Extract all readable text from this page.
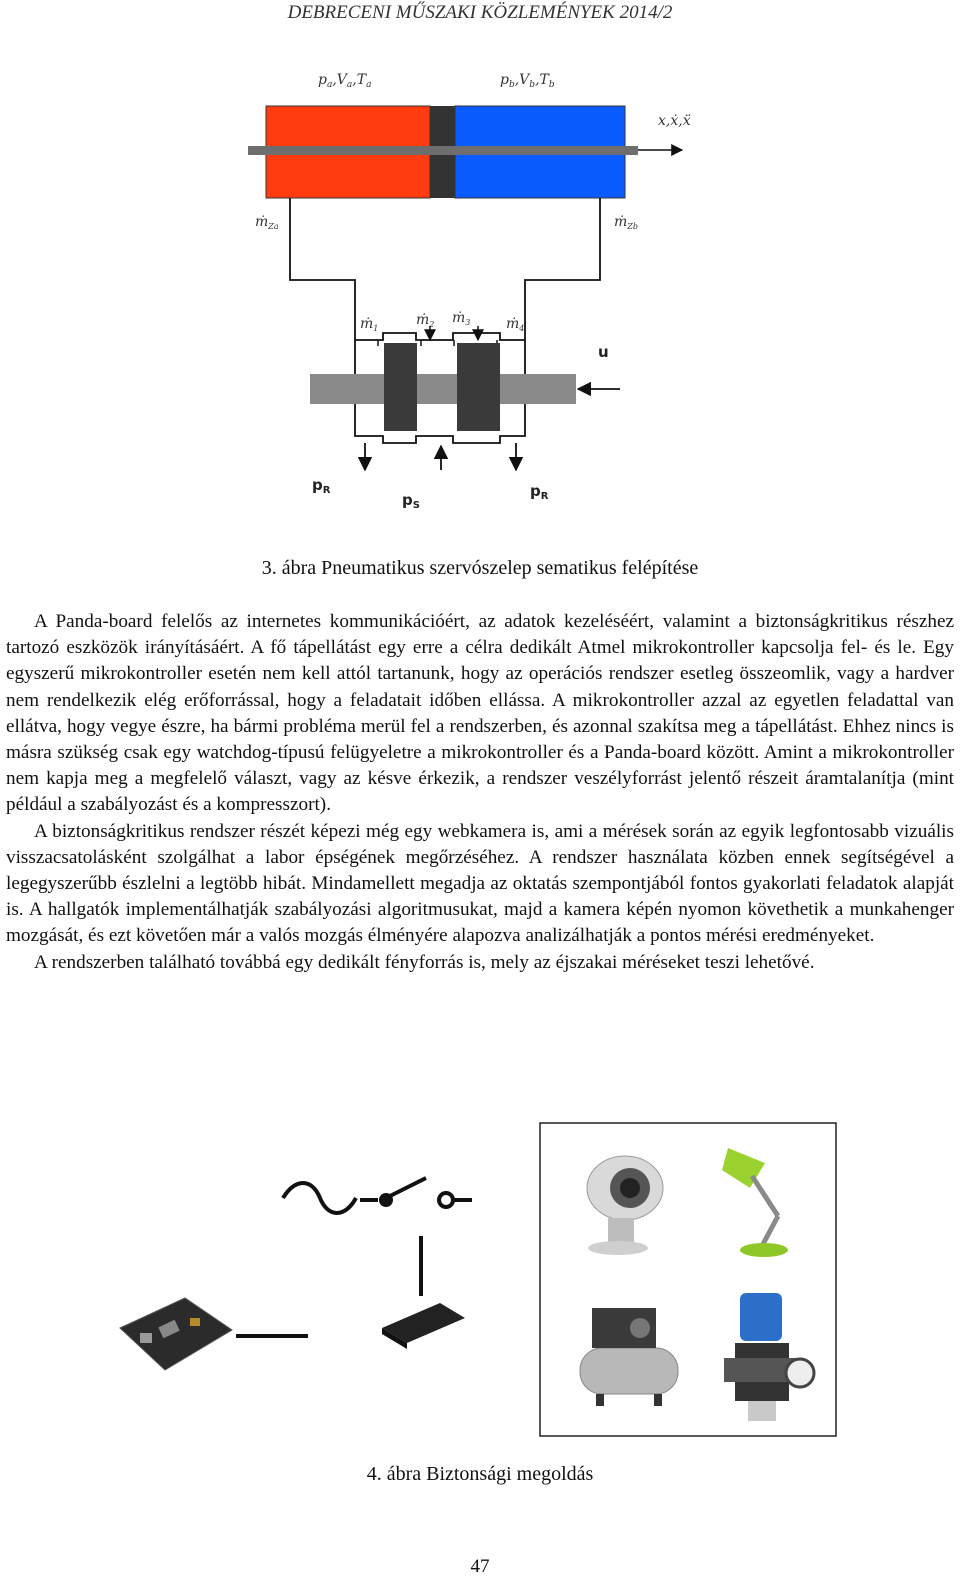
DEBRECENI MŰSZAKI KÖZLEMÉNYEK 2014/2
$p_a,V_a,T_a$	$p_b,V_b,T_b$
x,ẋ,ẍ
ṁ$_{Za}$	ṁ$_{Zb}$
u
ṁ$_1$
ṁ$_2$ ṁ$_3$	ṁ$_4$
$p_R$
$p_S$
$p_R$
3. ábra Pneumatikus szervószelep sematikus felépítése

A Panda-board felelős az internetes kommunikációért, az adatok kezeléséért, valamint a biztonságkritikus részhez tartozó eszközök irányításáért. A fő tápellátást egy erre a célra dedikált Atmel mikrokontroller kapcsolja fel- és le. Egy egyszerű mikrokontroller esetén nem kell attól tartanunk, hogy az operációs rendszer esetleg összeomlik, vagy a hardver nem rendelkezik elég erőforrással, hogy a feladatait időben ellássa. A mikrokontroller azzal az egyetlen feladattal van ellátva, hogy vegye észre, ha bármi probléma merül fel a rendszerben, és azonnal szakítsa meg a tápellátást. Ehhez nincs is másra szükség csak egy watchdog-típusú felügyeletre a mikrokontroller és a Panda-board között. Amint a mikrokontroller nem kapja meg a megfelelő választ, vagy az késve érkezik, a rendszer veszélyforrást jelentő részeit áramtalanítja (mint például a szabályozást és a kompresszort).

A biztonságkritikus rendszer részét képezi még egy webkamera is, ami a mérések során az egyik legfontosabb vizuális visszacsatolásként szolgálhat a labor épségének megőrzéséhez. A rendszer használata közben ennek segítségével a legegyszerűbb észlelni a legtöbb hibát. Mindamellett megadja az oktatás szempontjából fontos gyakorlati feladatok alapját is. A hallgatók implementálhatják szabályozási algoritmusukat, majd a kamera képén nyomon követhetik a munkahenger mozgását, és ezt követően már a valós mozgás élményére alapozva analizálhatják a pontos mérési eredményeket.

A rendszerben található továbbá egy dedikált fényforrás is, mely az éjszakai méréseket teszi lehetővé.

4. ábra Biztonsági megoldás
47
